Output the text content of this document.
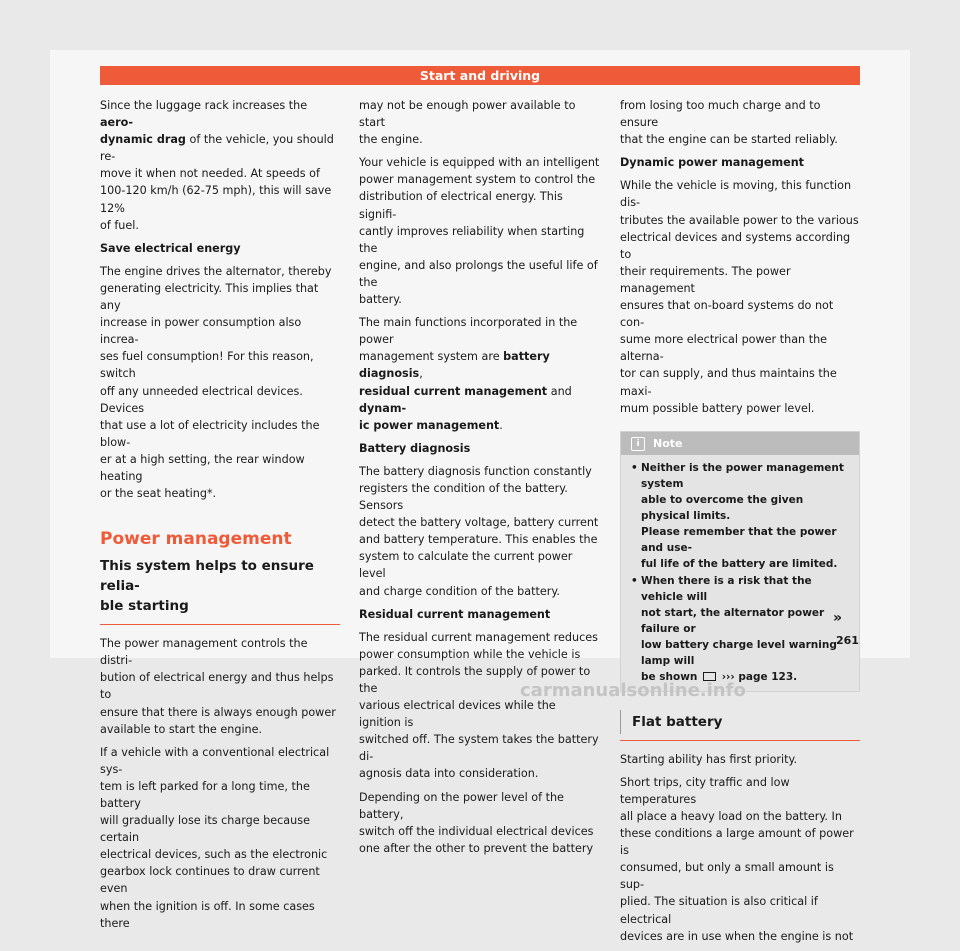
Start and driving

Since the luggage rack increases the aero-
dynamic drag of the vehicle, you should re-
move it when not needed. At speeds of
100-120 km/h (62-75 mph), this will save 12%
of fuel.

Save electrical energy

The engine drives the alternator, thereby
generating electricity. This implies that any
increase in power consumption also increa-
ses fuel consumption! For this reason, switch
off any unneeded electrical devices. Devices
that use a lot of electricity includes the blow-
er at a high setting, the rear window heating
or the seat heating*.

Power management
This system helps to ensure relia-
ble starting

The power management controls the distri-
bution of electrical energy and thus helps to
ensure that there is always enough power
available to start the engine.

If a vehicle with a conventional electrical sys-
tem is left parked for a long time, the battery
will gradually lose its charge because certain
electrical devices, such as the electronic
gearbox lock continues to draw current even
when the ignition is off. In some cases there

may not be enough power available to start
the engine.

Your vehicle is equipped with an intelligent
power management system to control the
distribution of electrical energy. This signifi-
cantly improves reliability when starting the
engine, and also prolongs the useful life of the
battery.

The main functions incorporated in the power
management system are battery diagnosis,
residual current management and dynam-
ic power management.

Battery diagnosis

The battery diagnosis function constantly
registers the condition of the battery. Sensors
detect the battery voltage, battery current
and battery temperature. This enables the
system to calculate the current power level
and charge condition of the battery.

Residual current management

The residual current management reduces
power consumption while the vehicle is
parked. It controls the supply of power to the
various electrical devices while the ignition is
switched off. The system takes the battery di-
agnosis data into consideration.

Depending on the power level of the battery,
switch off the individual electrical devices
one after the other to prevent the battery

from losing too much charge and to ensure
that the engine can be started reliably.

Dynamic power management

While the vehicle is moving, this function dis-
tributes the available power to the various
electrical devices and systems according to
their requirements. The power management
ensures that on-board systems do not con-
sume more electrical power than the alterna-
tor can supply, and thus maintains the maxi-
mum possible battery power level.

i Note
• Neither is the power management system
able to overcome the given physical limits.
Please remember that the power and use-
ful life of the battery are limited.
• When there is a risk that the vehicle will
not start, the alternator power failure or
low battery charge level warning lamp will
be shown  ››› page 123.
Flat battery

Starting ability has first priority.

Short trips, city traffic and low temperatures
all place a heavy load on the battery. In
these conditions a large amount of power is
consumed, but only a small amount is sup-
plied. The situation is also critical if electrical
devices are in use when the engine is not

»
261
carmanualsonline.info
